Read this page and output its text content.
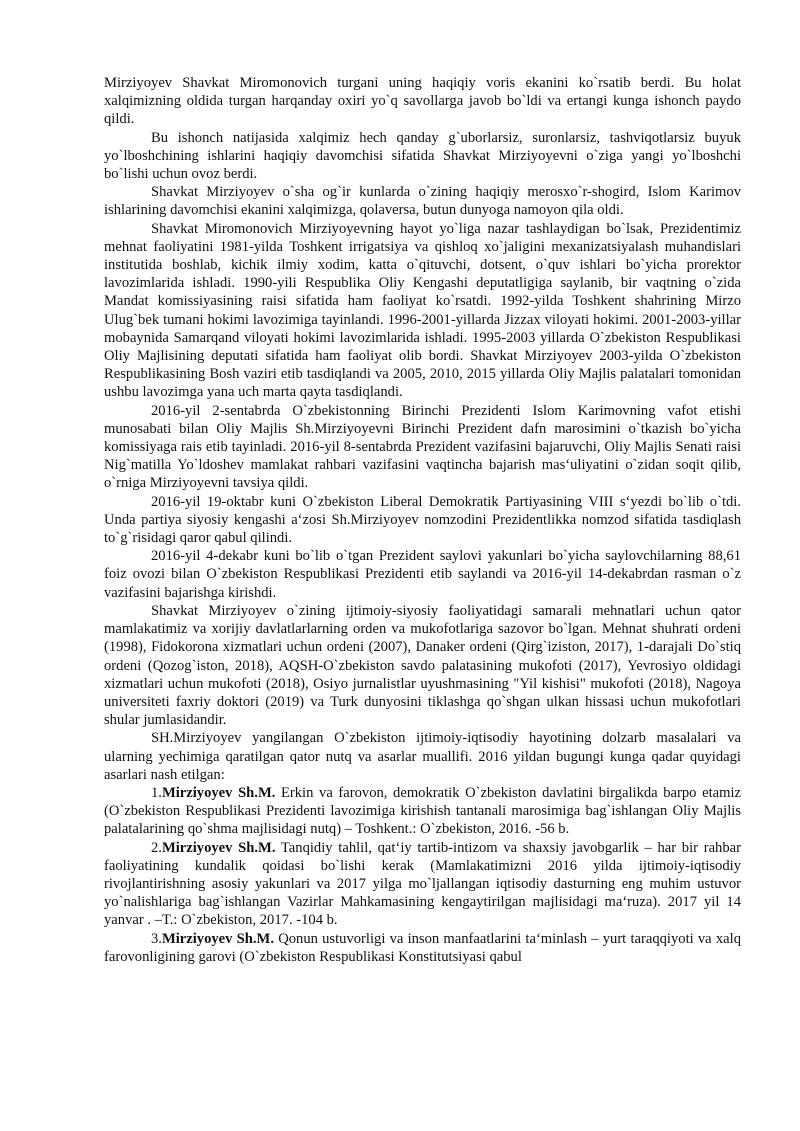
Mirziyoyev Shavkat Miromonovich turgani uning haqiqiy voris ekanini ko`rsatib berdi. Bu holat xalqimizning oldida turgan harqanday oxiri yo`q savollarga javob bo`ldi va ertangi kunga ishonch paydo qildi.

Bu ishonch natijasida xalqimiz hech qanday g`uborlarsiz, suronlarsiz, tashviqotlarsiz buyuk yo`lboshchining ishlarini haqiqiy davomchisi sifatida Shavkat Mirziyoyevni o`ziga yangi yo`lboshchi bo`lishi uchun ovoz berdi.

Shavkat Mirziyoyev o`sha og`ir kunlarda o`zining haqiqiy merosxo`r-shogird, Islom Karimov ishlarining davomchisi ekanini xalqimizga, qolaversa, butun dunyoga namoyon qila oldi.

Shavkat Miromonovich Mirziyoyevning hayot yo`liga nazar tashlaydigan bo`lsak, Prezidentimiz mehnat faoliyatini 1981-yilda Toshkent irrigatsiya va qishloq xo`jaligini mexanizatsiyalash muhandislari institutida boshlab, kichik ilmiy xodim, katta o`qituvchi, dotsent, o`quv ishlari bo`yicha prorektor lavozimlarida ishladi. 1990-yili Respublika Oliy Kengashi deputatligiga saylanib, bir vaqtning o`zida Mandat komissiyasining raisi sifatida ham faoliyat ko`rsatdi. 1992-yilda Toshkent shahrining Mirzo Ulug`bek tumani hokimi lavozimiga tayinlandi. 1996-2001-yillarda Jizzax viloyati hokimi. 2001-2003-yillar mobaynida Samarqand viloyati hokimi lavozimlarida ishladi. 1995-2003 yillarda O`zbekiston Respublikasi Oliy Majlisining deputati sifatida ham faoliyat olib bordi. Shavkat Mirziyoyev 2003-yilda O`zbekiston Respublikasining Bosh vaziri etib tasdiqlandi va 2005, 2010, 2015 yillarda Oliy Majlis palatalari tomonidan ushbu lavozimga yana uch marta qayta tasdiqlandi.

2016-yil 2-sentabrda O`zbekistonning Birinchi Prezidenti Islom Karimovning vafot etishi munosabati bilan Oliy Majlis Sh.Mirziyoyevni Birinchi Prezident dafn marosimini o`tkazish bo`yicha komissiyaga rais etib tayinladi. 2016-yil 8-sentabrda Prezident vazifasini bajaruvchi, Oliy Majlis Senati raisi Nig`matilla Yo`ldoshev mamlakat rahbari vazifasini vaqtincha bajarish mas‘uliyatini o`zidan soqit qilib, o`rniga Mirziyoyevni tavsiya qildi.

2016-yil 19-oktabr kuni O`zbekiston Liberal Demokratik Partiyasining VIII s‘yezdi bo`lib o`tdi. Unda partiya siyosiy kengashi a‘zosi Sh.Mirziyoyev nomzodini Prezidentlikka nomzod sifatida tasdiqlash to`g`risidagi qaror qabul qilindi.

2016-yil 4-dekabr kuni bo`lib o`tgan Prezident saylovi yakunlari bo`yicha saylovchilarning 88,61 foiz ovozi bilan O`zbekiston Respublikasi Prezidenti etib saylandi va 2016-yil 14-dekabrdan rasman o`z vazifasini bajarishga kirishdi.

Shavkat Mirziyoyev o`zining ijtimoiy-siyosiy faoliyatidagi samarali mehnatlari uchun qator mamlakatimiz va xorijiy davlatlarlarning orden va mukofotlariga sazovor bo`lgan. Mehnat shuhrati ordeni (1998), Fidokorona xizmatlari uchun ordeni (2007), Danaker ordeni (Qirg`iziston, 2017), 1-darajali Do`stiq ordeni (Qozog`iston, 2018), AQSH-O`zbekiston savdo palatasining mukofoti (2017), Yevrosiyo oldidagi xizmatlari uchun mukofoti (2018), Osiyo jurnalistlar uyushmasining "Yil kishisi" mukofoti (2018), Nagoya universiteti faxriy doktori (2019) va Turk dunyosini tiklashga qo`shgan ulkan hissasi uchun mukofotlari shular jumlasidandir.

SH.Mirziyoyev yangilangan O`zbekiston ijtimoiy-iqtisodiy hayotining dolzarb masalalari va ularning yechimiga qaratilgan qator nutq va asarlar muallifi. 2016 yildan bugungi kunga qadar quyidagi asarlari nash etilgan:

1.Mirziyoyev Sh.M. Erkin va farovon, demokratik O`zbekiston davlatini birgalikda barpo etamiz (O`zbekiston Respublikasi Prezidenti lavozimiga kirishish tantanali marosimiga bag`ishlangan Oliy Majlis palatalarining qo`shma majlisidagi nutq) – Toshkent.: O`zbekiston, 2016. -56 b.

2.Mirziyoyev Sh.M. Tanqidiy tahlil, qat‘iy tartib-intizom va shaxsiy javobgarlik – har bir rahbar faoliyatining kundalik qoidasi bo`lishi kerak (Mamlakatimizni 2016 yilda ijtimoiy-iqtisodiy rivojlantirishning asosiy yakunlari va 2017 yilga mo`ljallangan iqtisodiy dasturning eng muhim ustuvor yo`nalishlariga bag`ishlangan Vazirlar Mahkamasining kengaytirilgan majlisidagi ma‘ruza). 2017 yil 14 yanvar . –T.: O`zbekiston, 2017. -104 b.

3.Mirziyoyev Sh.M. Qonun ustuvorligi va inson manfaatlarini ta‘minlash – yurt taraqqiyoti va xalq farovonligining garovi (O`zbekiston Respublikasi Konstitutsiyasi qabul
